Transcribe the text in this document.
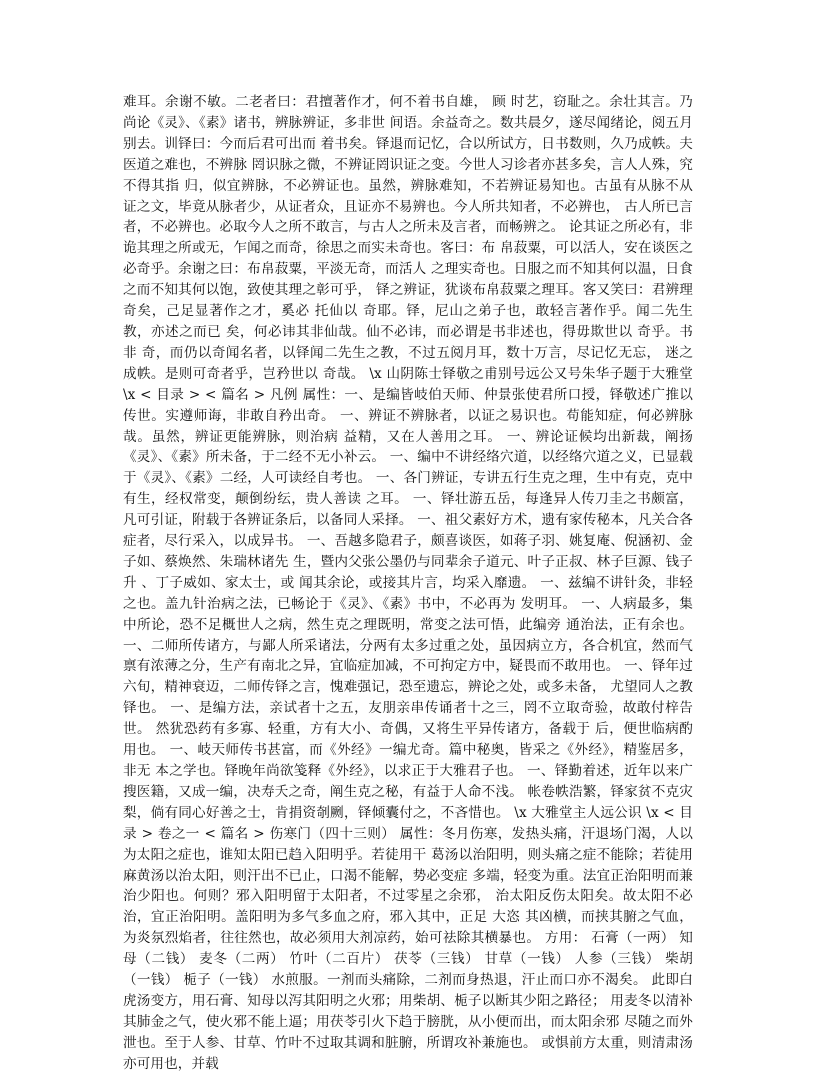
难耳。余谢不敏。二老者曰：君擅著作才，何不着书自雄， 顾 时艺，窃耻之。余壮其言。乃尚论《灵》、《素》诸书，辨脉辨证，多非世 间语。余益奇之。数共晨夕，遂尽闻绪论，阅五月别去。训铎曰：今而后君可出而 着书矣。铎退而记忆，合以所试方，日书数则，久乃成帙。夫医道之难也，不辨脉 罔识脉之微，不辨证罔识证之变。今世人习诊者亦甚多矣，言人人殊，究不得其指 归，似宜辨脉，不必辨证也。虽然，辨脉难知，不若辨证易知也。古虽有从脉不从 证之文，毕竟从脉者少，从证者众，且证亦不易辨也。今人所共知者，不必辨也， 古人所已言者，不必辨也。必取今人之所不敢言，与古人之所未及言者，而畅辨之。 论其证之所必有，非诡其理之所或无，乍闻之而奇，徐思之而实未奇也。客曰：布 帛菽粟，可以活人，安在谈医之必奇乎。余谢之曰：布帛菽粟，平淡无奇，而活人 之理实奇也。日服之而不知其何以温，日食之而不知其何以饱，致使其理之彰可乎， 铎之辨证，犹谈布帛菽粟之理耳。客又笑曰：君辨理奇矣，己足显著作之才，奚必 托仙以 奇耶。铎，尼山之弟子也，敢轻言著作乎。闻二先生教，亦述之而已 矣，何必讳其非仙哉。仙不必讳，而必谓是书非述也，得毋欺世以 奇乎。书非 奇，而仍以奇闻名者，以铎闻二先生之教，不过五阅月耳，数十万言，尽记忆无忘， 迷之成帙。是则可奇者乎，岂矜世以 奇哉。 \x 山阴陈士铎敬之甫别号远公又号朱华子题于大雅堂 \x < 目录 > < 篇名 > 凡例 属性：一、是编皆岐伯天师、仲景张使君所口授，铎敬述广推以传世。实遵师诲，非敢自矜出奇。 一、辨证不辨脉者，以证之易识也。苟能知症，何必辨脉哉。虽然，辨证更能辨脉，则治病 益精，又在人善用之耳。 一、辨论证候均出新裁，阐扬《灵》、《素》所未备，于二经不无小补云。 一、编中不讲经络穴道，以经络穴道之义，已显载于《灵》、《素》二经，人可读经自考也。 一、各门辨证，专讲五行生克之理，生中有克，克中有生，经权常变，颠倒纷纭，贵人善读 之耳。 一、铎壮游五岳，每逢异人传刀圭之书颇富，凡可引证，附载于各辨证条后，以备同人采择。 一、祖父素好方术，遗有家传秘本，凡关合各症者，尽行采入，以成异书。 一、吾越多隐君子，颇喜谈医，如蒋子羽、姚复庵、倪涵初、金子如、蔡焕然、朱瑞林诸先 生，暨内父张公墨仍与同辈余子道元、叶子正叔、林子巨源、钱子升 、丁子威如、家太士，或 闻其余论，或接其片言，均采入靡遗。 一、兹编不讲针灸，非轻之也。盖九针治病之法，已畅论于《灵》、《素》书中，不必再为 发明耳。 一、人病最多，集中所论，恐不足概世人之病，然生克之理既明，常变之法可悟，此编旁 通治法，正有余也。 一、二师所传诸方，与鄙人所采诸法，分两有太多过重之处，虽因病立方，各合机宜，然而气 禀有浓薄之分，生产有南北之异，宜临症加减，不可拘定方中，疑畏而不敢用也。 一、铎年过六旬，精神衰迈，二师传铎之言，愧难强记，恐至遗忘，辨论之处，或多未备， 尤望同人之教铎也。 一、是编方法，亲试者十之五，友朋亲串传诵者十之三，罔不立取奇验，故敢付梓告世。 然犹恐药有多寡、轻重，方有大小、奇偶，又将生平异传诸方，备载于 后，便世临病酌用也。 一、岐天师传书甚富，而《外经》一编尤奇。篇中秘奥，皆采之《外经》，精鉴居多，非无 本之学也。铎晚年尚欲笺释《外经》，以求正于大雅君子也。 一、铎勤着述，近年以来广搜医籍，又成一编，决寿夭之奇，阐生克之秘，有益于人命不浅。 帐卷帙浩繁，铎家贫不克灾梨，倘有同心好善之士，肯捐资剞劂，铎倾囊付之，不吝惜也。 \x 大雅堂主人远公识 \x < 目录 > 卷之一 < 篇名 > 伤寒门（四十三则） 属性：冬月伤寒，发热头痛，汗退场门渴，人以为太阳之症也，谁知太阳已趋入阳明乎。若徒用干 葛汤以治阳明，则头痛之症不能除；若徒用麻黄汤以治太阳，则汗出不已止，口渴不能解，势必变症 多端，轻变为重。法宜正治阳明而兼治少阳也。何则？邪入阳明留于太阳者，不过零星之余邪， 治太阳反伤太阳矣。故太阳不必治，宜正治阳明。盖阳明为多气多血之府，邪入其中，正足 大恣 其凶横，而挟其腑之气血，为炎氛烈焰者，往往然也，故必须用大剂凉药，始可祛除其横暴也。 方用： 石膏（一两） 知母（二钱） 麦冬（二两） 竹叶（二百片） 茯苓（三钱） 甘草（一钱） 人参（三钱） 柴胡（一钱） 栀子（一钱） 水煎服。一剂而头痛除，二剂而身热退，汗止而口亦不渴矣。 此即白虎汤变方，用石膏、知母以泻其阳明之火邪；用柴胡、栀子以断其少阳之路径； 用麦冬以清补其肺金之气，使火邪不能上逼；用茯苓引火下趋于膀胱，从小便而出，而太阳余邪 尽随之而外泄也。至于人参、甘草、竹叶不过取其调和脏腑，所谓攻补兼施也。 或惧前方太重，则清肃汤亦可用也，并载
